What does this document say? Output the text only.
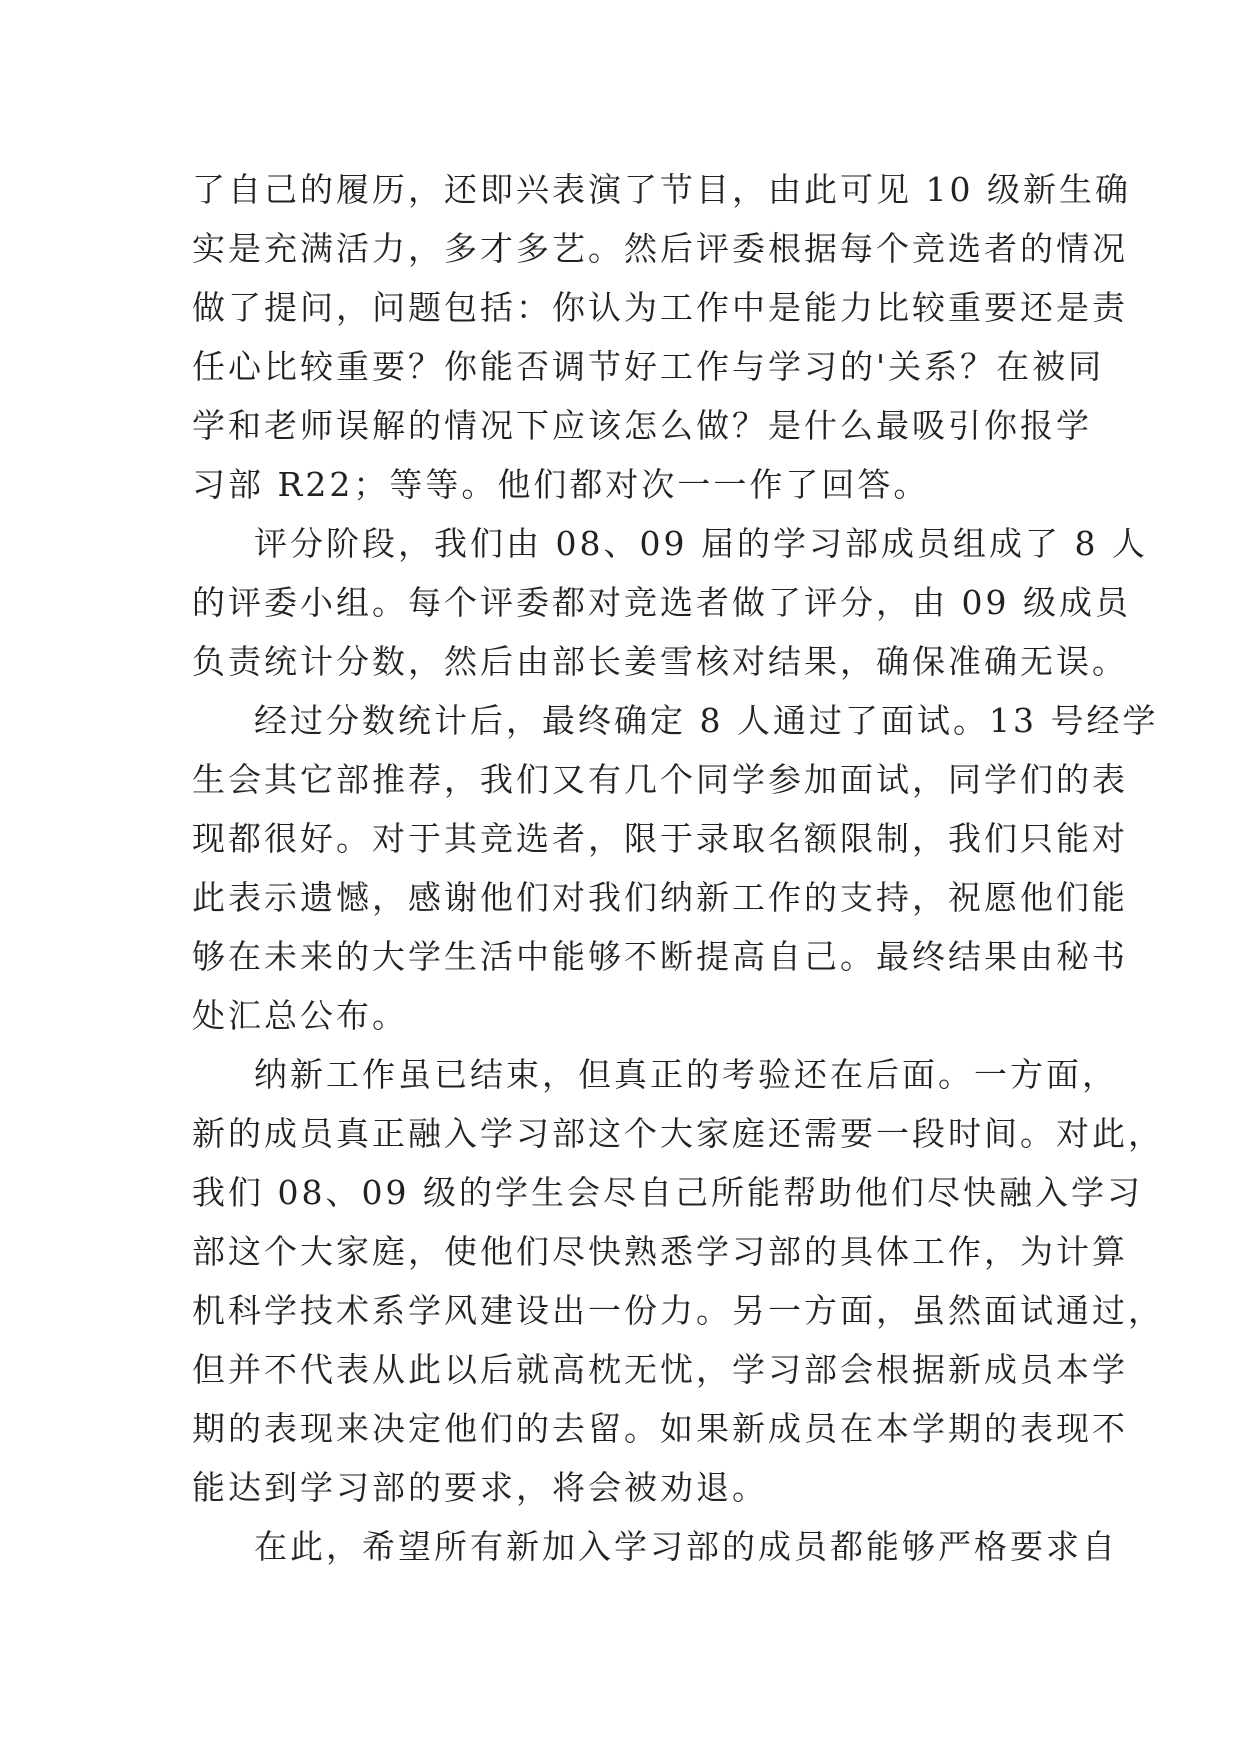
了自己的履历，还即兴表演了节目，由此可见 10 级新生确
实是充满活力，多才多艺。然后评委根据每个竞选者的情况
做了提问，问题包括：你认为工作中是能力比较重要还是责
任心比较重要？你能否调节好工作与学习的'关系？在被同
学和老师误解的情况下应该怎么做？是什么最吸引你报学
习部 R22；等等。他们都对次一一作了回答。
评分阶段，我们由 08、09 届的学习部成员组成了 8 人
的评委小组。每个评委都对竞选者做了评分，由 09 级成员
负责统计分数，然后由部长姜雪核对结果，确保准确无误。
经过分数统计后，最终确定 8 人通过了面试。13 号经学
生会其它部推荐，我们又有几个同学参加面试，同学们的表
现都很好。对于其竞选者，限于录取名额限制，我们只能对
此表示遗憾，感谢他们对我们纳新工作的支持，祝愿他们能
够在未来的大学生活中能够不断提高自己。最终结果由秘书
处汇总公布。
纳新工作虽已结束，但真正的考验还在后面。一方面，
新的成员真正融入学习部这个大家庭还需要一段时间。对此，
我们 08、09 级的学生会尽自己所能帮助他们尽快融入学习
部这个大家庭，使他们尽快熟悉学习部的具体工作，为计算
机科学技术系学风建设出一份力。另一方面，虽然面试通过，
但并不代表从此以后就高枕无忧，学习部会根据新成员本学
期的表现来决定他们的去留。如果新成员在本学期的表现不
能达到学习部的要求，将会被劝退。
在此，希望所有新加入学习部的成员都能够严格要求自
